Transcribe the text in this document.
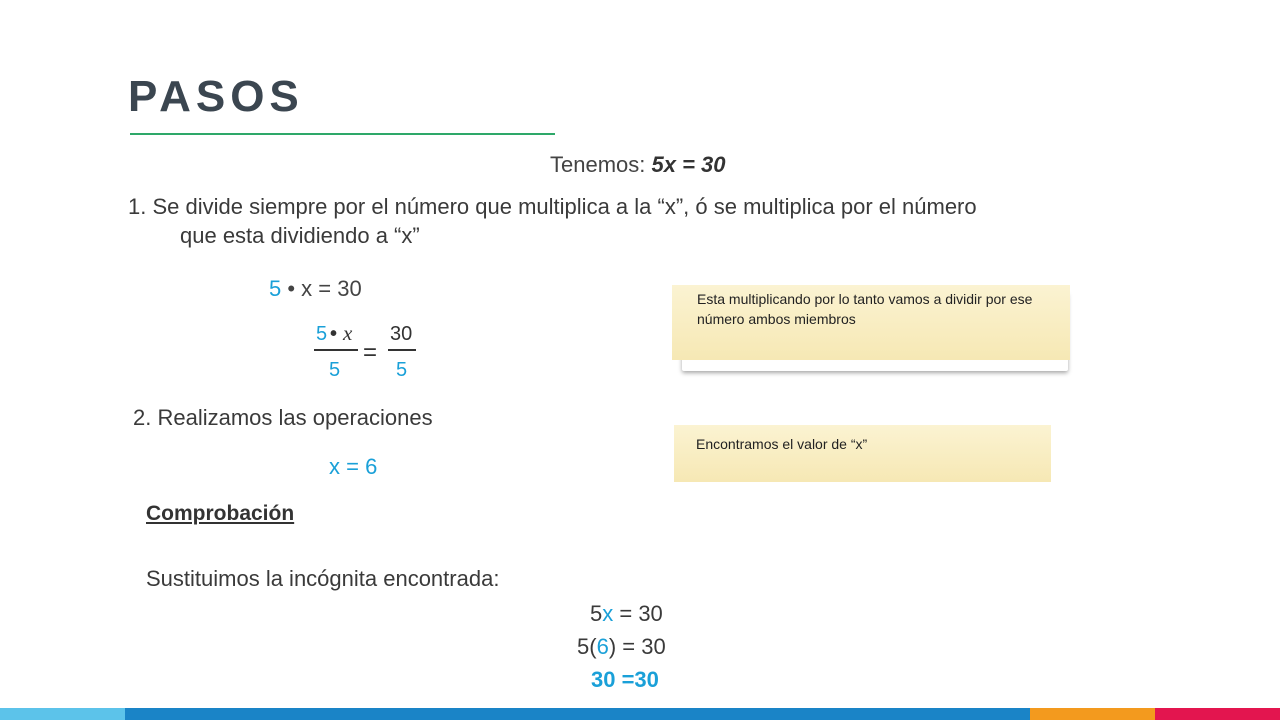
PASOS
Tenemos: 5x = 30
1. Se divide siempre por el número que multiplica a la “x”, ó se multiplica por el número
que esta dividiendo a “x”
5 • x = 30
5 • x
5
=
30
5
Esta multiplicando por lo tanto vamos a dividir por ese número ambos miembros
2. Realizamos las operaciones
x = 6
Encontramos el valor de “x”
Comprobación
Sustituimos la incógnita encontrada:
5x = 30
5(6) = 30
30 =30
